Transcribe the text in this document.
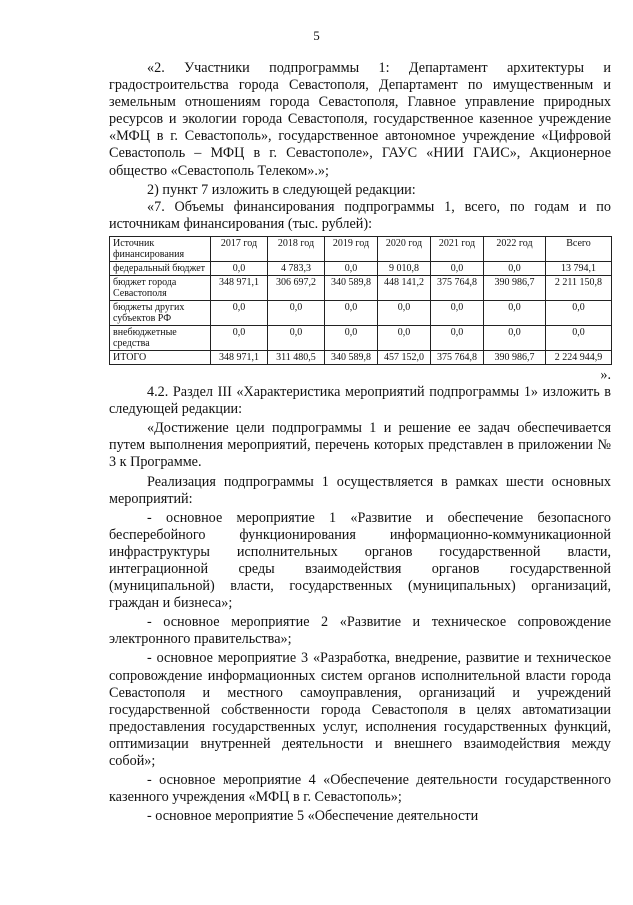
5

«2. Участники подпрограммы 1: Департамент архитектуры и градостроительства города Севастополя, Департамент по имущественным и земельным отношениям города Севастополя, Главное управление природных ресурсов и экологии города Севастополя, государственное казенное учреждение «МФЦ в г. Севастополь», государственное автономное учреждение «Цифровой Севастополь – МФЦ в г. Севастополе», ГАУС «НИИ ГАИС», Акционерное общество «Севастополь Телеком».»;

2) пункт 7 изложить в следующей редакции:

«7. Объемы финансирования подпрограммы 1, всего, по годам и по источникам финансирования (тыс. рублей):

Источник финансирования	2017 год	2018 год	2019 год	2020 год	2021 год	2022 год	Всего
федеральный бюджет	0,0	4 783,3	0,0	9 010,8	0,0	0,0	13 794,1
бюджет города Севастополя	348 971,1	306 697,2	340 589,8	448 141,2	375 764,8	390 986,7	2 211 150,8
бюджеты других субъектов РФ	0,0	0,0	0,0	0,0	0,0	0,0	0,0
внебюджетные средства	0,0	0,0	0,0	0,0	0,0	0,0	0,0
ИТОГО	348 971,1	311 480,5	340 589,8	457 152,0	375 764,8	390 986,7	2 224 944,9

».

4.2. Раздел III «Характеристика мероприятий подпрограммы 1» изложить в следующей редакции:

«Достижение цели подпрограммы 1 и решение ее задач обеспечивается путем выполнения мероприятий, перечень которых представлен в приложении № 3 к Программе.

Реализация подпрограммы 1 осуществляется в рамках шести основных мероприятий:

- основное мероприятие 1 «Развитие и обеспечение безопасного бесперебойного функционирования информационно-коммуникационной инфраструктуры исполнительных органов государственной власти, интеграционной среды взаимодействия органов государственной (муниципальной) власти, государственных (муниципальных) организаций, граждан и бизнеса»;

- основное мероприятие 2 «Развитие и техническое сопровождение электронного правительства»;

- основное мероприятие 3 «Разработка, внедрение, развитие и техническое сопровождение информационных систем органов исполнительной власти города Севастополя и местного самоуправления, организаций и учреждений государственной собственности города Севастополя в целях автоматизации предоставления государственных услуг, исполнения государственных функций, оптимизации внутренней деятельности и внешнего взаимодействия между собой»;

- основное мероприятие 4 «Обеспечение деятельности государственного казенного учреждения «МФЦ в г. Севастополь»;

- основное мероприятие 5 «Обеспечение деятельности
